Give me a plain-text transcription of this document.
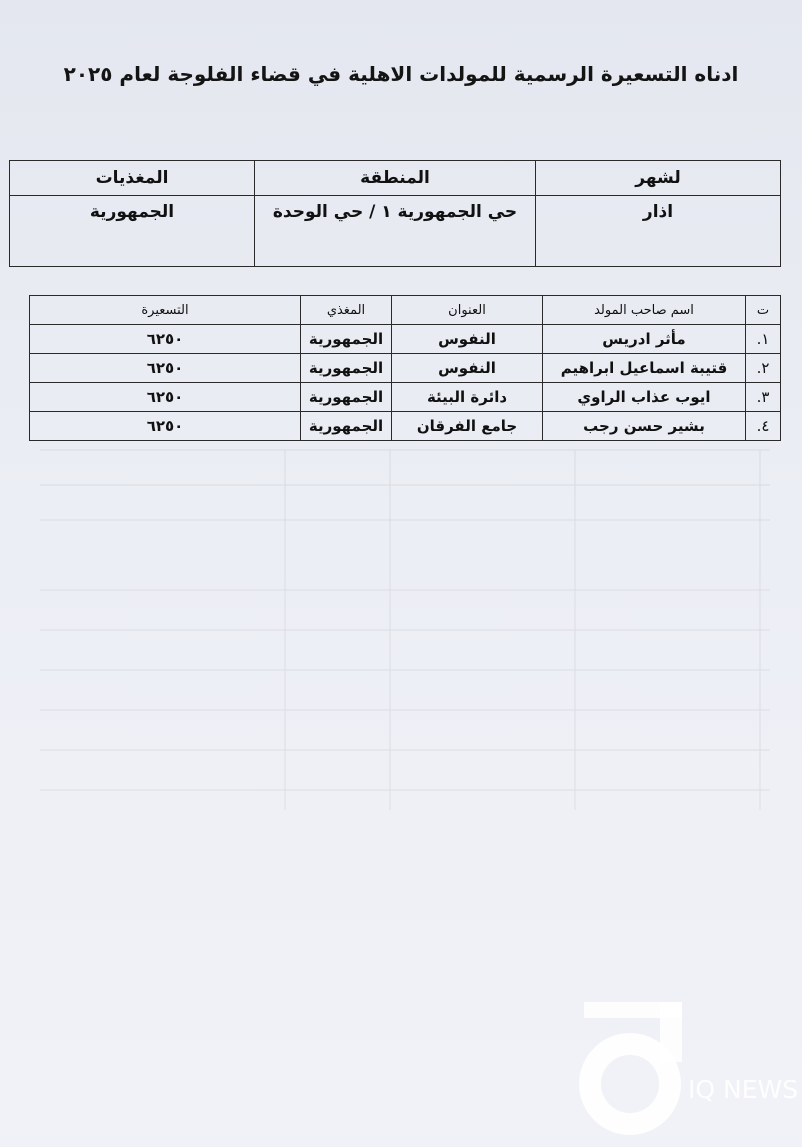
ادناه التسعيرة الرسمية للمولدات الاهلية في قضاء الفلوجة لعام ٢٠٢٥
لشهر	المنطقة	المغذيات
اذار	حي الجمهورية ١ / حي الوحدة	الجمهورية
ت	اسم صاحب المولد	العنوان	المغذي	التسعيرة
١.	مأثر ادريس	النفوس	الجمهورية	٦٢٥٠
٢.	قتيبة اسماعيل ابراهيم	النفوس	الجمهورية	٦٢٥٠
٣.	ايوب عذاب الراوي	دائرة البيئة	الجمهورية	٦٢٥٠
٤.	بشير حسن رجب	جامع الفرقان	الجمهورية	٦٢٥٠
IQ NEWS
